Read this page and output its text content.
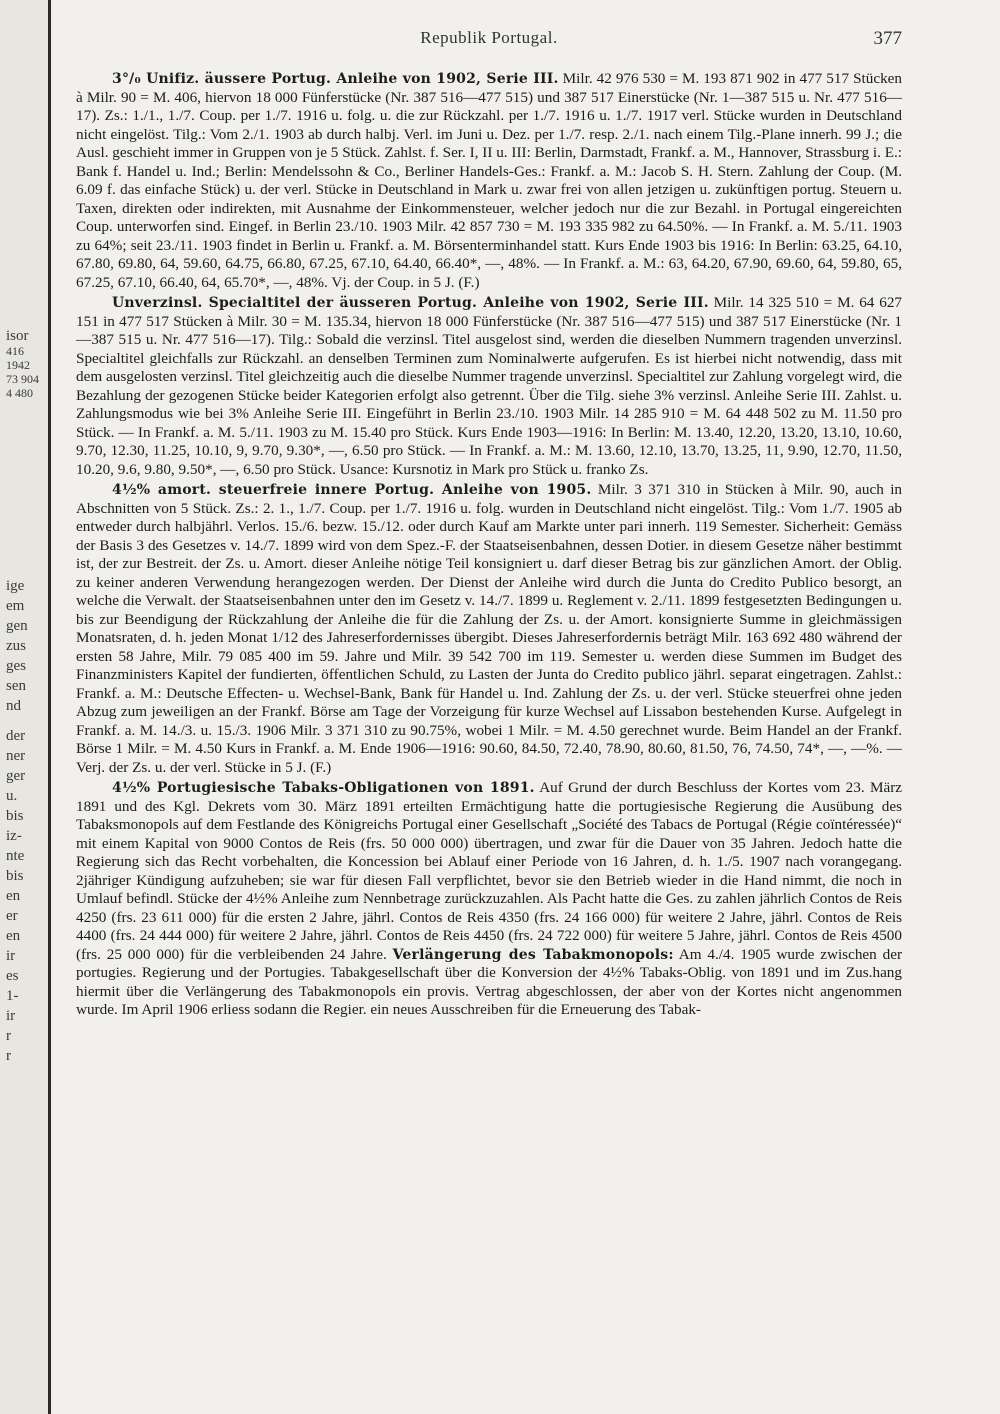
isor
416
1942
73 904
4 480
ige
em
gen
zus
ges
sen
nd
der
ner
ger
u.
bis
iz-
nte
bis
en
er
en
ir
es
1-
ir
r
r
Republik Portugal.	377

3°/₀ Unifiz. äussere Portug. Anleihe von 1902, Serie III. Milr. 42 976 530 = M. 193 871 902 in 477 517 Stücken à Milr. 90 = M. 406, hiervon 18 000 Fünferstücke (Nr. 387 516—477 515) und 387 517 Einerstücke (Nr. 1—387 515 u. Nr. 477 516—17). Zs.: 1./1., 1./7. Coup. per 1./7. 1916 u. folg. u. die zur Rückzahl. per 1./7. 1916 u. 1./7. 1917 verl. Stücke wurden in Deutschland nicht eingelöst. Tilg.: Vom 2./1. 1903 ab durch halbj. Verl. im Juni u. Dez. per 1./7. resp. 2./1. nach einem Tilg.-Plane innerh. 99 J.; die Ausl. geschieht immer in Gruppen von je 5 Stück. Zahlst. f. Ser. I, II u. III: Berlin, Darmstadt, Frankf. a. M., Hannover, Strassburg i. E.: Bank f. Handel u. Ind.; Berlin: Mendelssohn & Co., Berliner Handels-Ges.: Frankf. a. M.: Jacob S. H. Stern. Zahlung der Coup. (M. 6.09 f. das einfache Stück) u. der verl. Stücke in Deutschland in Mark u. zwar frei von allen jetzigen u. zukünftigen portug. Steuern u. Taxen, direkten oder indirekten, mit Ausnahme der Einkommensteuer, welcher jedoch nur die zur Bezahl. in Portugal eingereichten Coup. unterworfen sind. Eingef. in Berlin 23./10. 1903 Milr. 42 857 730 = M. 193 335 982 zu 64.50%. — In Frankf. a. M. 5./11. 1903 zu 64%; seit 23./11. 1903 findet in Berlin u. Frankf. a. M. Börsenterminhandel statt. Kurs Ende 1903 bis 1916: In Berlin: 63.25, 64.10, 67.80, 69.80, 64, 59.60, 64.75, 66.80, 67.25, 67.10, 64.40, 66.40*, —, 48%. — In Frankf. a. M.: 63, 64.20, 67.90, 69.60, 64, 59.80, 65, 67.25, 67.10, 66.40, 64, 65.70*, —, 48%. Vj. der Coup. in 5 J. (F.)

Unverzinsl. Specialtitel der äusseren Portug. Anleihe von 1902, Serie III. Milr. 14 325 510 = M. 64 627 151 in 477 517 Stücken à Milr. 30 = M. 135.34, hiervon 18 000 Fünferstücke (Nr. 387 516—477 515) und 387 517 Einerstücke (Nr. 1—387 515 u. Nr. 477 516—17). Tilg.: Sobald die verzinsl. Titel ausgelost sind, werden die dieselben Nummern tragenden unverzinsl. Specialtitel gleichfalls zur Rückzahl. an denselben Terminen zum Nominalwerte aufgerufen. Es ist hierbei nicht notwendig, dass mit dem ausgelosten verzinsl. Titel gleichzeitig auch die dieselbe Nummer tragende unverzinsl. Specialtitel zur Zahlung vorgelegt wird, die Bezahlung der gezogenen Stücke beider Kategorien erfolgt also getrennt. Über die Tilg. siehe 3% verzinsl. Anleihe Serie III. Zahlst. u. Zahlungsmodus wie bei 3% Anleihe Serie III. Eingeführt in Berlin 23./10. 1903 Milr. 14 285 910 = M. 64 448 502 zu M. 11.50 pro Stück. — In Frankf. a. M. 5./11. 1903 zu M. 15.40 pro Stück. Kurs Ende 1903—1916: In Berlin: M. 13.40, 12.20, 13.20, 13.10, 10.60, 9.70, 12.30, 11.25, 10.10, 9, 9.70, 9.30*, —, 6.50 pro Stück. — In Frankf. a. M.: M. 13.60, 12.10, 13.70, 13.25, 11, 9.90, 12.70, 11.50, 10.20, 9.6, 9.80, 9.50*, —, 6.50 pro Stück. Usance: Kursnotiz in Mark pro Stück u. franko Zs.

4½% amort. steuerfreie innere Portug. Anleihe von 1905. Milr. 3 371 310 in Stücken à Milr. 90, auch in Abschnitten von 5 Stück. Zs.: 2. 1., 1./7. Coup. per 1./7. 1916 u. folg. wurden in Deutschland nicht eingelöst. Tilg.: Vom 1./7. 1905 ab entweder durch halbjährl. Verlos. 15./6. bezw. 15./12. oder durch Kauf am Markte unter pari innerh. 119 Semester. Sicherheit: Gemäss der Basis 3 des Gesetzes v. 14./7. 1899 wird von dem Spez.-F. der Staatseisenbahnen, dessen Dotier. in diesem Gesetze näher bestimmt ist, der zur Bestreit. der Zs. u. Amort. dieser Anleihe nötige Teil konsigniert u. darf dieser Betrag bis zur gänzlichen Amort. der Oblig. zu keiner anderen Verwendung herangezogen werden. Der Dienst der Anleihe wird durch die Junta do Credito Publico besorgt, an welche die Verwalt. der Staatseisenbahnen unter den im Gesetz v. 14./7. 1899 u. Reglement v. 2./11. 1899 festgesetzten Bedingungen u. bis zur Beendigung der Rückzahlung der Anleihe die für die Zahlung der Zs. u. der Amort. konsignierte Summe in gleichmässigen Monatsraten, d. h. jeden Monat 1/12 des Jahreserfordernisses übergibt. Dieses Jahreserfordernis beträgt Milr. 163 692 480 während der ersten 58 Jahre, Milr. 79 085 400 im 59. Jahre und Milr. 39 542 700 im 119. Semester u. werden diese Summen im Budget des Finanzministers Kapitel der fundierten, öffentlichen Schuld, zu Lasten der Junta do Credito publico jährl. separat eingetragen. Zahlst.: Frankf. a. M.: Deutsche Effecten- u. Wechsel-Bank, Bank für Handel u. Ind. Zahlung der Zs. u. der verl. Stücke steuerfrei ohne jeden Abzug zum jeweiligen an der Frankf. Börse am Tage der Vorzeigung für kurze Wechsel auf Lissabon bestehenden Kurse. Aufgelegt in Frankf. a. M. 14./3. u. 15./3. 1906 Milr. 3 371 310 zu 90.75%, wobei 1 Milr. = M. 4.50 gerechnet wurde. Beim Handel an der Frankf. Börse 1 Milr. = M. 4.50 Kurs in Frankf. a. M. Ende 1906—1916: 90.60, 84.50, 72.40, 78.90, 80.60, 81.50, 76, 74.50, 74*, —, —%. — Verj. der Zs. u. der verl. Stücke in 5 J. (F.)

4½% Portugiesische Tabaks-Obligationen von 1891. Auf Grund der durch Beschluss der Kortes vom 23. März 1891 und des Kgl. Dekrets vom 30. März 1891 erteilten Ermächtigung hatte die portugiesische Regierung die Ausübung des Tabaksmonopols auf dem Festlande des Königreichs Portugal einer Gesellschaft „Société des Tabacs de Portugal (Régie coïntéressée)“ mit einem Kapital von 9000 Contos de Reis (frs. 50 000 000) übertragen, und zwar für die Dauer von 35 Jahren. Jedoch hatte die Regierung sich das Recht vorbehalten, die Koncession bei Ablauf einer Periode von 16 Jahren, d. h. 1./5. 1907 nach vorangegang. 2jähriger Kündigung aufzuheben; sie war für diesen Fall verpflichtet, bevor sie den Betrieb wieder in die Hand nimmt, die noch in Umlauf befindl. Stücke der 4½% Anleihe zum Nennbetrage zurückzuzahlen. Als Pacht hatte die Ges. zu zahlen jährlich Contos de Reis 4250 (frs. 23 611 000) für die ersten 2 Jahre, jährl. Contos de Reis 4350 (frs. 24 166 000) für weitere 2 Jahre, jährl. Contos de Reis 4400 (frs. 24 444 000) für weitere 2 Jahre, jährl. Contos de Reis 4450 (frs. 24 722 000) für weitere 5 Jahre, jährl. Contos de Reis 4500 (frs. 25 000 000) für die verbleibenden 24 Jahre. Verlängerung des Tabakmonopols: Am 4./4. 1905 wurde zwischen der portugies. Regierung und der Portugies. Tabakgesellschaft über die Konversion der 4½% Tabaks-Oblig. von 1891 und im Zus.hang hiermit über die Verlängerung des Tabakmonopols ein provis. Vertrag abgeschlossen, der aber von der Kortes nicht angenommen wurde. Im April 1906 erliess sodann die Regier. ein neues Ausschreiben für die Erneuerung des Tabak-
